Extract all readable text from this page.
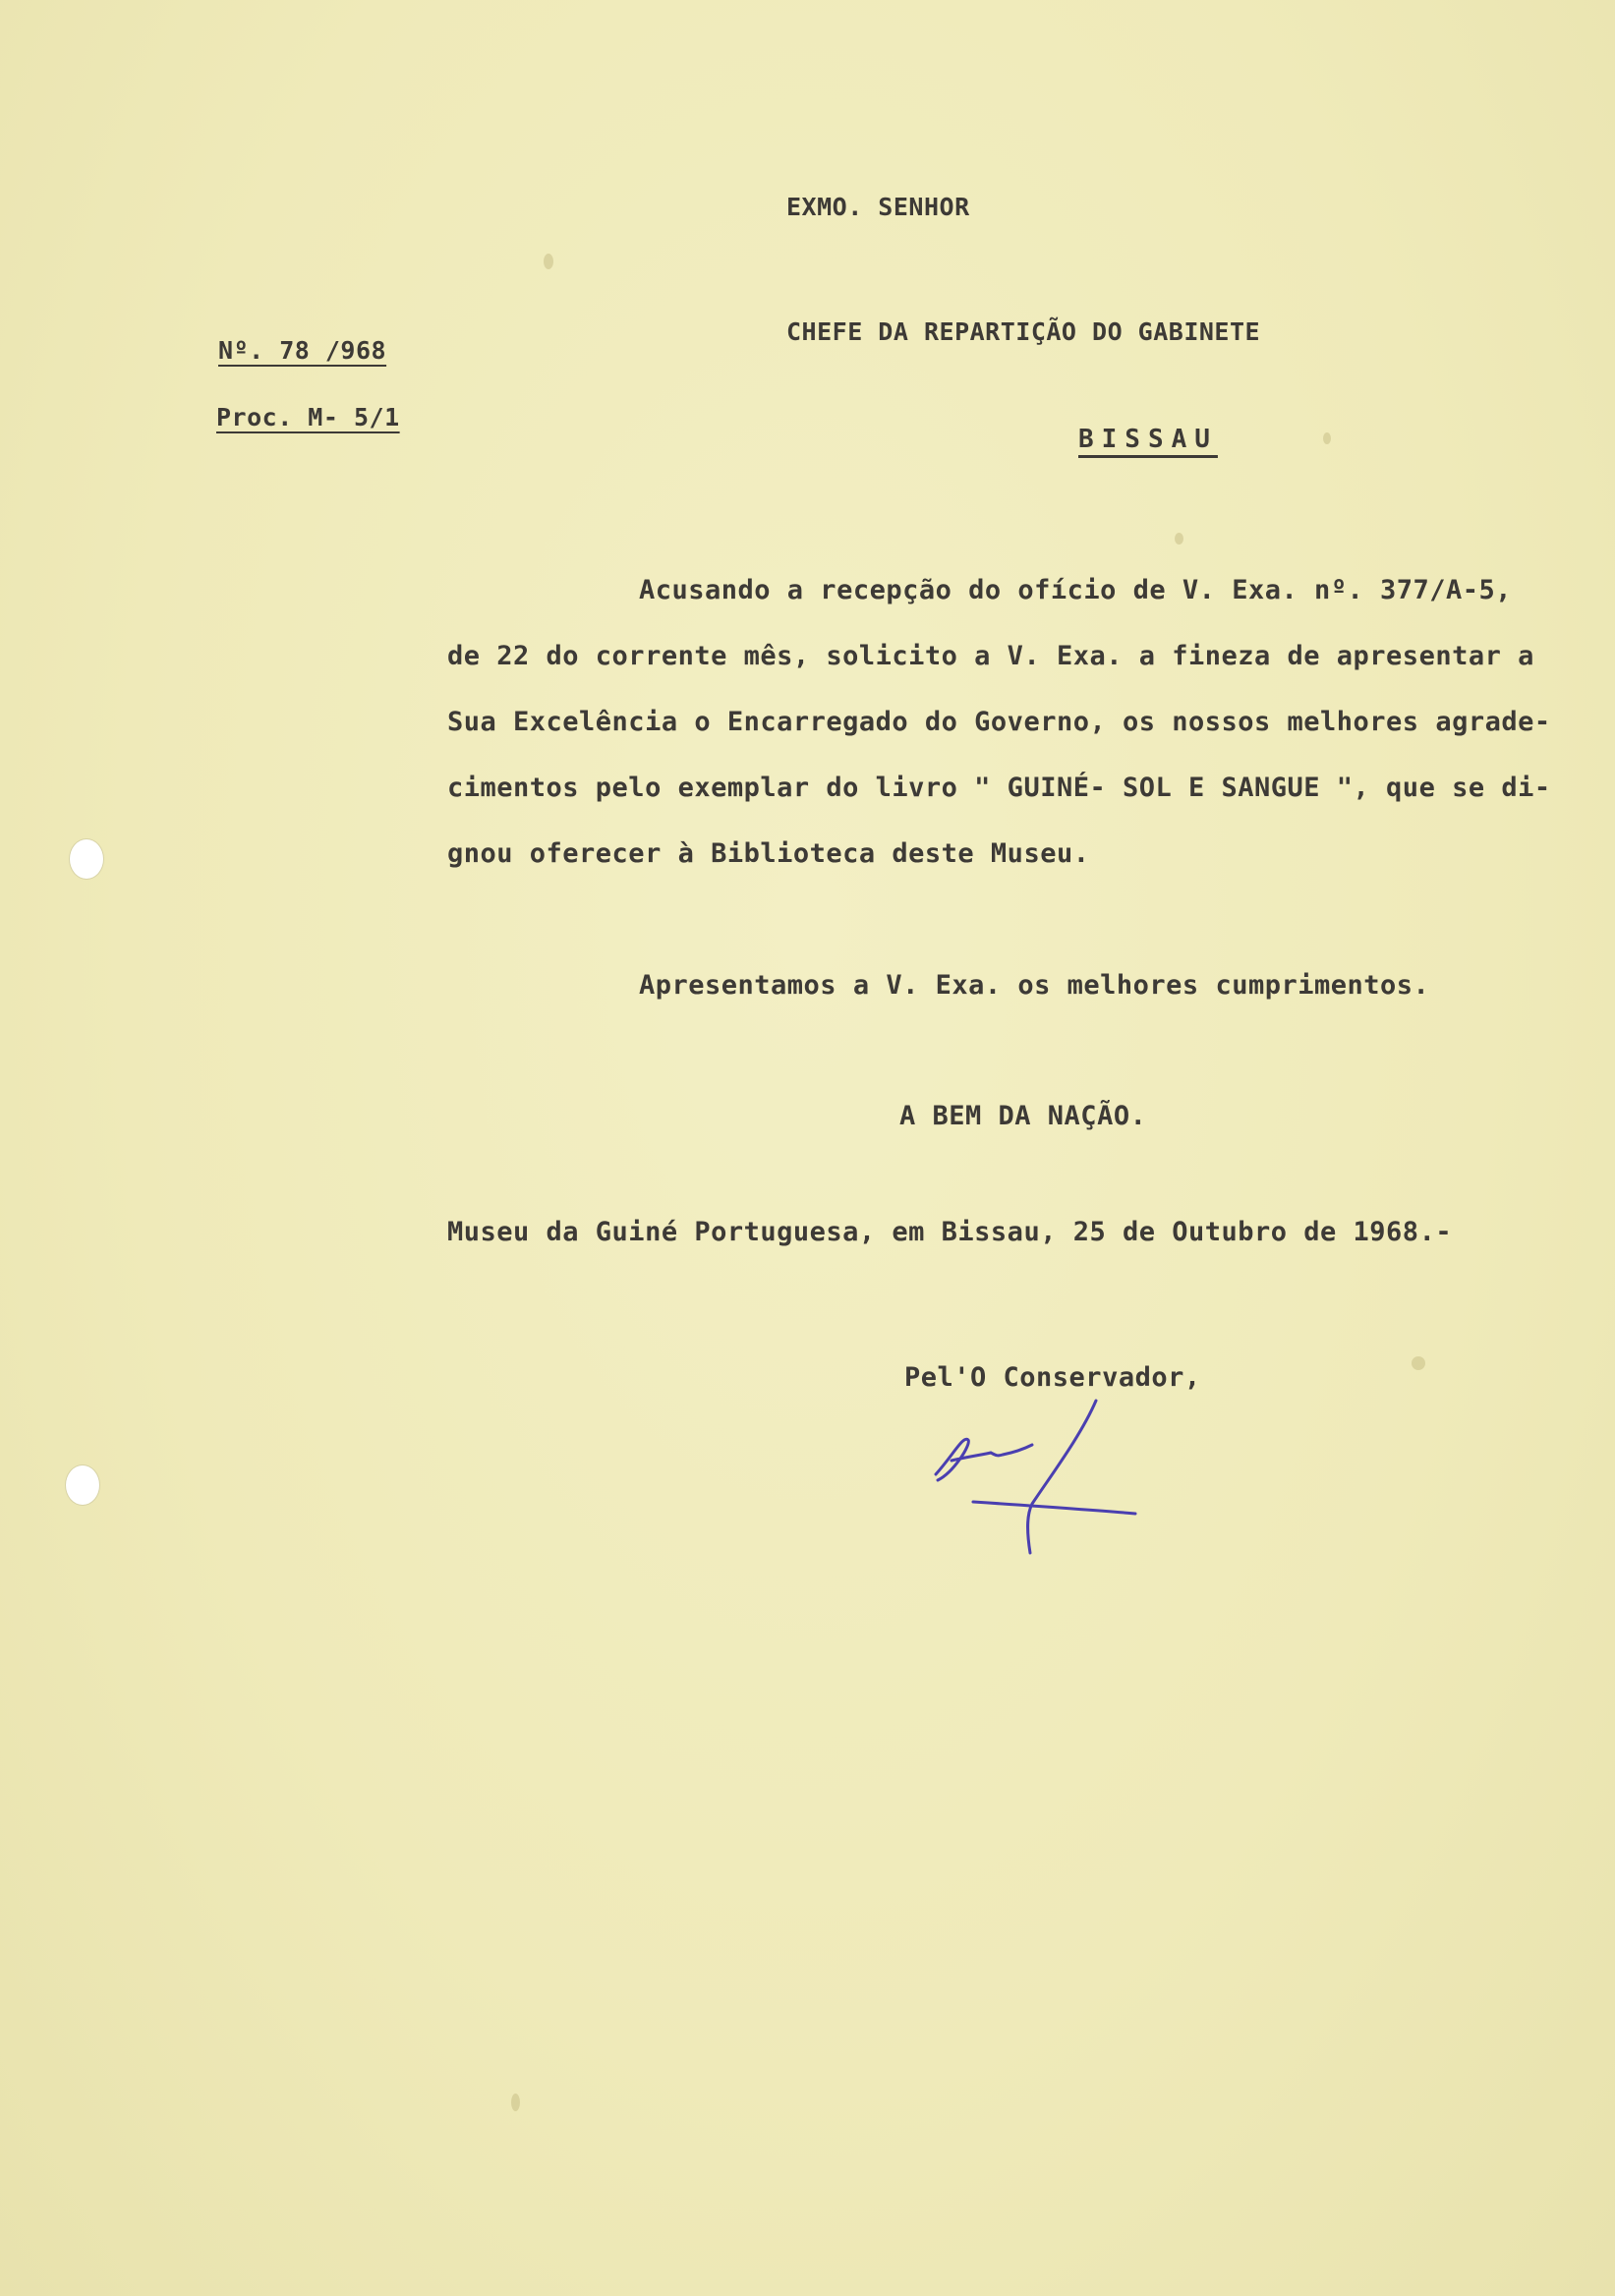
EXMO. SENHOR
CHEFE DA REPARTIÇÃO DO GABINETE
BISSAU
Nº. 78 /968
Proc. M- 5/1
Acusando a recepção do ofício de V. Exa. nº. 377/A-5,
de 22 do corrente mês, solicito a V. Exa. a fineza de apresentar a
Sua Excelência o Encarregado do Governo, os nossos melhores agrade-
cimentos pelo exemplar do livro " GUINÉ- SOL E SANGUE ", que se di-
gnou oferecer à Biblioteca deste Museu.
Apresentamos a V. Exa. os melhores cumprimentos.
A BEM DA NAÇÃO.
Museu da Guiné Portuguesa, em Bissau, 25 de Outubro de 1968.-
Pel'O Conservador,
